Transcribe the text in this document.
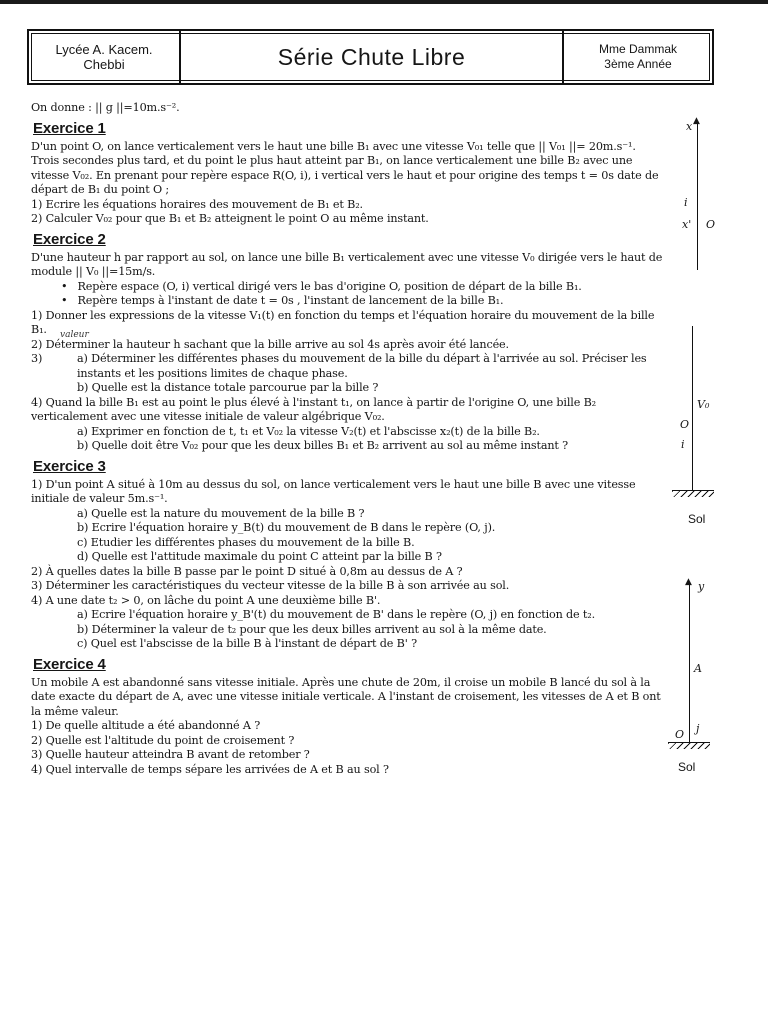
Lycée A. Kacem.
Chebbi	Série Chute Libre	Mme Dammak
3ème Année

On donne : || g ||=10m.s⁻².

Exercice 1

D'un point O, on lance verticalement vers le haut une bille B₁ avec une vitesse V₀₁ telle que || V₀₁ ||= 20m.s⁻¹.

Trois secondes plus tard, et du point le plus haut atteint par B₁, on lance verticalement une bille B₂ avec une vitesse V₀₂. En prenant pour repère espace R(O, i), i vertical vers le haut et pour origine des temps t = 0s date de départ de B₁ du point O ;

1) Ecrire les équations horaires des mouvement de B₁ et B₂.

2) Calculer V₀₂ pour que B₁ et B₂ atteignent le point O au même instant.

Exercice 2

D'une hauteur h par rapport au sol, on lance une bille B₁ verticalement avec une vitesse V₀ dirigée vers le haut de module || V₀ ||=15m/s.

• Repère espace (O, i) vertical dirigé vers le bas d'origine O, position de départ de la bille B₁.

• Repère temps à l'instant de date t = 0s , l'instant de lancement de la bille B₁.

1) Donner les expressions de la vitesse V₁(t) en fonction du temps et l'équation horaire du mouvement de la bille B₁.

2) Déterminer la hauteur h sachant que la bille arrive au sol 4s après avoir été lancée.

3)	a) Déterminer les différentes phases du mouvement de la bille du départ à l'arrivée au sol. Préciser les instants et les positions limites de chaque phase.

b) Quelle est la distance totale parcourue par la bille ?

4) Quand la bille B₁ est au point le plus élevé à l'instant t₁, on lance à partir de l'origine O, une bille B₂ verticalement avec une vitesse initiale de valeur algébrique V₀₂.

a) Exprimer en fonction de t, t₁ et V₀₂ la vitesse V₂(t) et l'abscisse x₂(t) de la bille B₂.

b) Quelle doit être V₀₂ pour que les deux billes B₁ et B₂ arrivent au sol au même instant ?

Exercice 3

1) D'un point A situé à 10m au dessus du sol, on lance verticalement vers le haut une bille B avec une vitesse initiale de valeur 5m.s⁻¹.

a) Quelle est la nature du mouvement de la bille B ?

b) Ecrire l'équation horaire y_B(t) du mouvement de B dans le repère (O, j).

c) Etudier les différentes phases du mouvement de la bille B.

d) Quelle est l'attitude maximale du point C atteint par la bille B ?

2) À quelles dates la bille B passe par le point D situé à 0,8m au dessus de A ?

3) Déterminer les caractéristiques du vecteur vitesse de la bille B à son arrivée au sol.

4) A une date t₂ > 0, on lâche du point A une deuxième bille B'.

a) Ecrire l'équation horaire y_B'(t) du mouvement de B' dans le repère (O, j) en fonction de t₂.

b) Déterminer la valeur de t₂ pour que les deux billes arrivent au sol à la même date.

c) Quel est l'abscisse de la bille B à l'instant de départ de B' ?

Exercice 4

Un mobile A est abandonné sans vitesse initiale. Après une chute de 20m, il croise un mobile B lancé du sol à la date exacte du départ de A, avec une vitesse initiale verticale. A l'instant de croisement, les vitesses de A et B ont la même valeur.

1) De quelle altitude a été abandonné A ?

2) Quelle est l'altitude du point de croisement ?

3) Quelle hauteur atteindra B avant de retomber ?

4) Quel intervalle de temps sépare les arrivées de A et B au sol ?

valeur
▲
x
i
x' O
V₀
O
i
Sol
▲ y
A
O j
Sol
